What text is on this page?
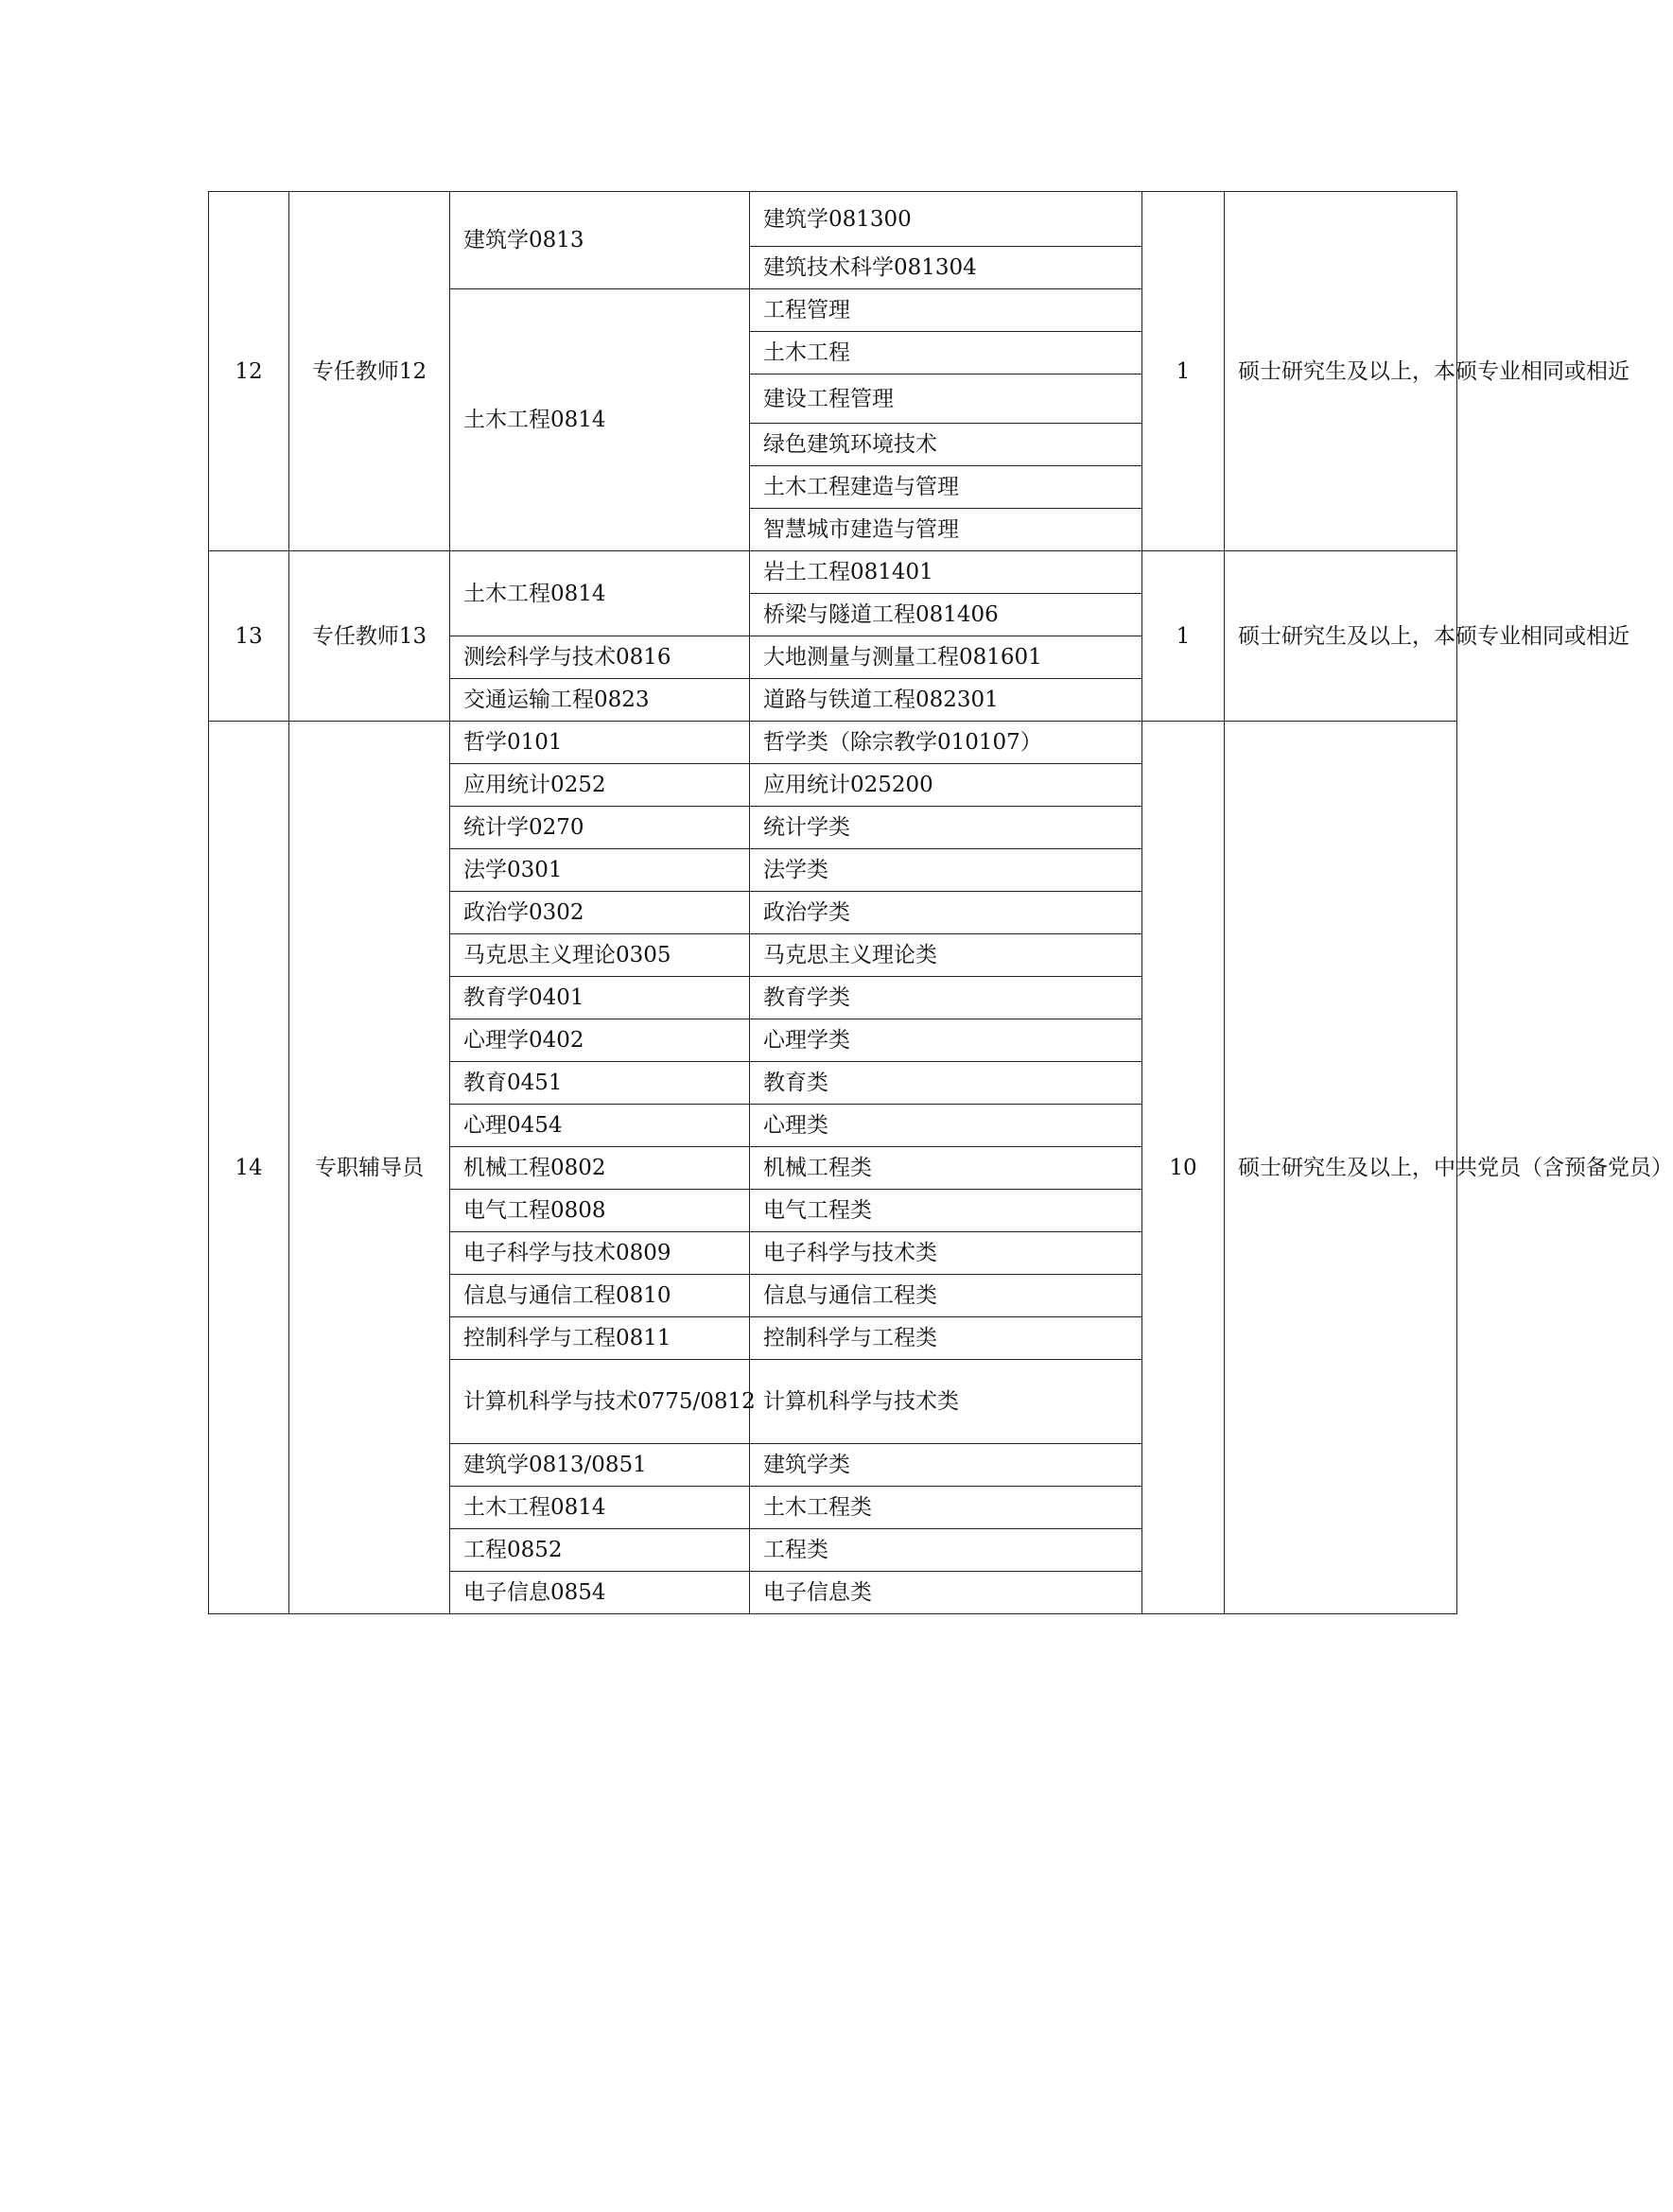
12	专任教师12	建筑学0813	建筑学081300	1	硕士研究生及以上，本硕专业相同或相近
			建筑技术科学081304		
		土木工程0814	工程管理		
			土木工程		
			建设工程管理		
			绿色建筑环境技术		
			土木工程建造与管理		
			智慧城市建造与管理		
13	专任教师13	土木工程0814	岩土工程081401	1	硕士研究生及以上，本硕专业相同或相近
			桥梁与隧道工程081406		
		测绘科学与技术0816	大地测量与测量工程081601		
		交通运输工程0823	道路与铁道工程082301		
14	专职辅导员	哲学0101	哲学类（除宗教学010107）	10	硕士研究生及以上，中共党员（含预备党员）
		应用统计0252	应用统计025200		
		统计学0270	统计学类		
		法学0301	法学类		
		政治学0302	政治学类		
		马克思主义理论0305	马克思主义理论类		
		教育学0401	教育学类		
		心理学0402	心理学类		
		教育0451	教育类		
		心理0454	心理类		
		机械工程0802	机械工程类		
		电气工程0808	电气工程类		
		电子科学与技术0809	电子科学与技术类		
		信息与通信工程0810	信息与通信工程类		
		控制科学与工程0811	控制科学与工程类		
		计算机科学与技术0775/0812	计算机科学与技术类		
		建筑学0813/0851	建筑学类		
		土木工程0814	土木工程类		
		工程0852	工程类		
		电子信息0854	电子信息类		
